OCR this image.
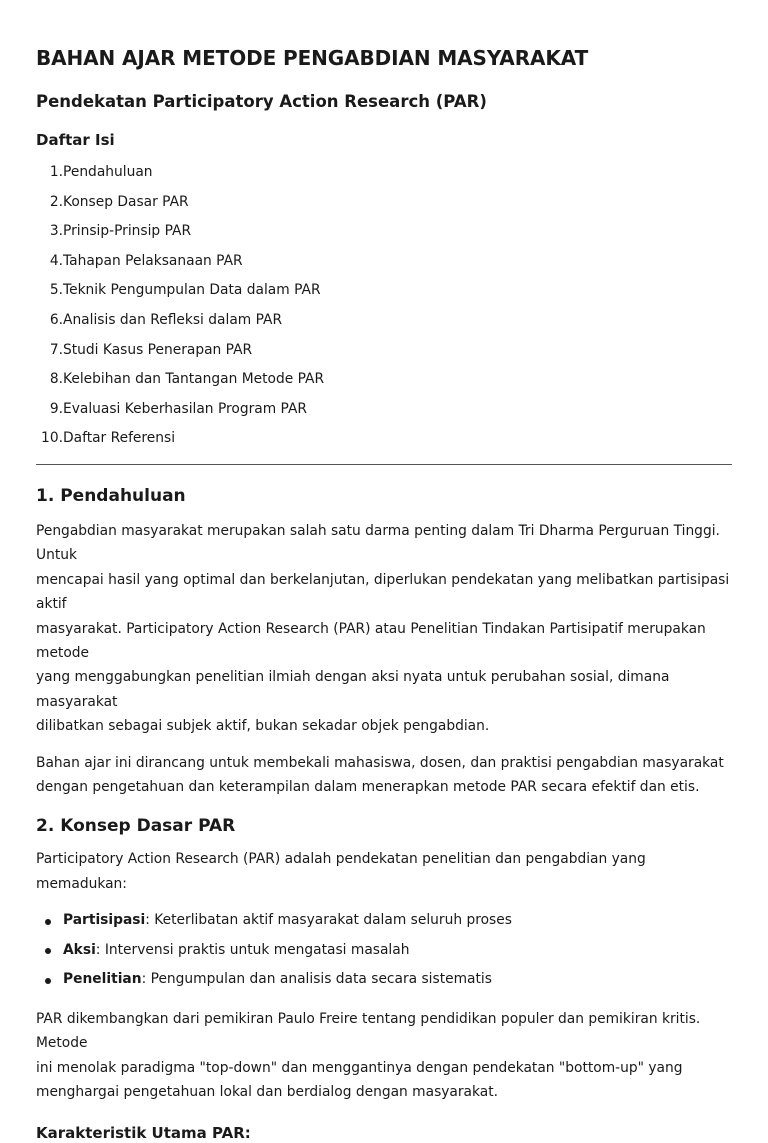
BAHAN AJAR METODE PENGABDIAN MASYARAKAT
Pendekatan Participatory Action Research (PAR)
Daftar Isi
1. Pendahuluan
2. Konsep Dasar PAR
3. Prinsip-Prinsip PAR
4. Tahapan Pelaksanaan PAR
5. Teknik Pengumpulan Data dalam PAR
6. Analisis dan Refleksi dalam PAR
7. Studi Kasus Penerapan PAR
8. Kelebihan dan Tantangan Metode PAR
9. Evaluasi Keberhasilan Program PAR
10. Daftar Referensi
1. Pendahuluan

Pengabdian masyarakat merupakan salah satu darma penting dalam Tri Dharma Perguruan Tinggi. Untuk
mencapai hasil yang optimal dan berkelanjutan, diperlukan pendekatan yang melibatkan partisipasi aktif
masyarakat. Participatory Action Research (PAR) atau Penelitian Tindakan Partisipatif merupakan metode
yang menggabungkan penelitian ilmiah dengan aksi nyata untuk perubahan sosial, dimana masyarakat
dilibatkan sebagai subjek aktif, bukan sekadar objek pengabdian.

Bahan ajar ini dirancang untuk membekali mahasiswa, dosen, dan praktisi pengabdian masyarakat
dengan pengetahuan dan keterampilan dalam menerapkan metode PAR secara efektif dan etis.

2. Konsep Dasar PAR

Participatory Action Research (PAR) adalah pendekatan penelitian dan pengabdian yang memadukan:

Partisipasi: Keterlibatan aktif masyarakat dalam seluruh proses
Aksi: Intervensi praktis untuk mengatasi masalah
Penelitian: Pengumpulan dan analisis data secara sistematis

PAR dikembangkan dari pemikiran Paulo Freire tentang pendidikan populer dan pemikiran kritis. Metode
ini menolak paradigma "top-down" dan menggantinya dengan pendekatan "bottom-up" yang
menghargai pengetahuan lokal dan berdialog dengan masyarakat.

Karakteristik Utama PAR:
